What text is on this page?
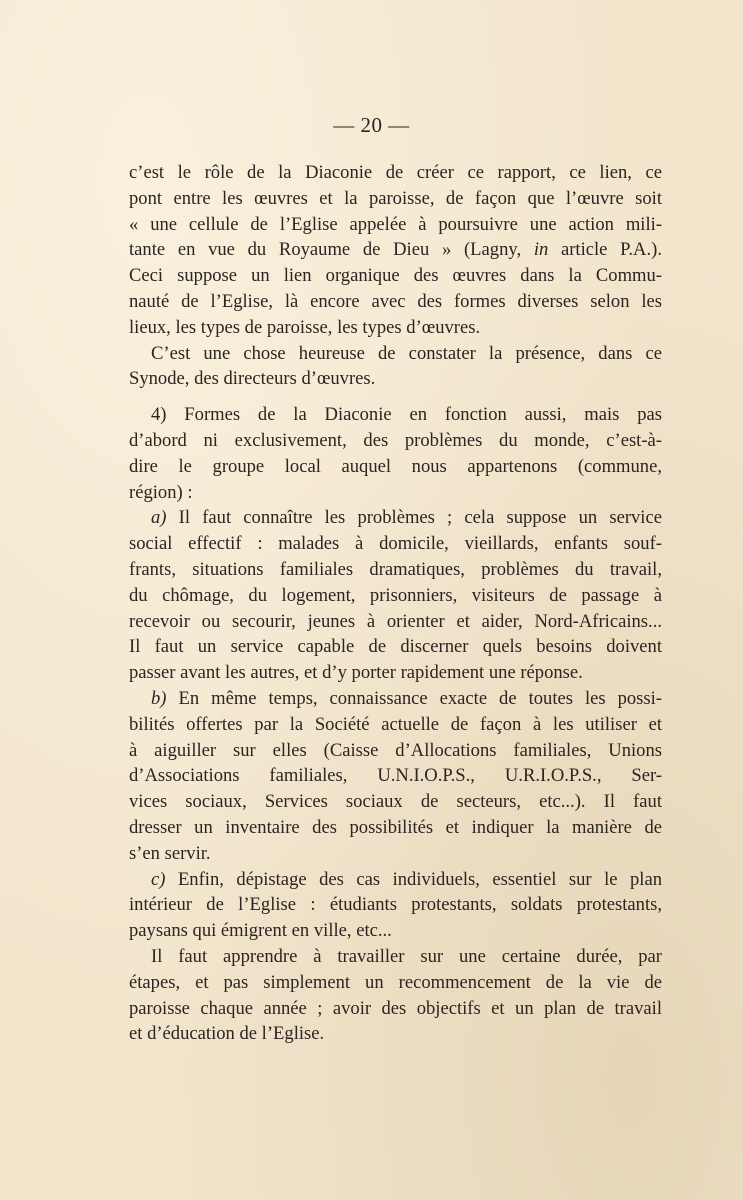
— 20 —
c’est le rôle de la Diaconie de créer ce rapport, ce lien, ce
pont entre les œuvres et la paroisse, de façon que l’œuvre soit
« une cellule de l’Eglise appelée à poursuivre une action mili-
tante en vue du Royaume de Dieu » (Lagny, in article P.A.).
Ceci suppose un lien organique des œuvres dans la Commu-
nauté de l’Eglise, là encore avec des formes diverses selon les
lieux, les types de paroisse, les types d’œuvres.
C’est une chose heureuse de constater la présence, dans ce
Synode, des directeurs d’œuvres.
4) Formes de la Diaconie en fonction aussi, mais pas
d’abord ni exclusivement, des problèmes du monde, c’est-à-
dire le groupe local auquel nous appartenons (commune,
région) :
a) Il faut connaître les problèmes ; cela suppose un service
social effectif : malades à domicile, vieillards, enfants souf-
frants, situations familiales dramatiques, problèmes du travail,
du chômage, du logement, prisonniers, visiteurs de passage à
recevoir ou secourir, jeunes à orienter et aider, Nord-Africains...
Il faut un service capable de discerner quels besoins doivent
passer avant les autres, et d’y porter rapidement une réponse.
b) En même temps, connaissance exacte de toutes les possi-
bilités offertes par la Société actuelle de façon à les utiliser et
à aiguiller sur elles (Caisse d’Allocations familiales, Unions
d’Associations familiales, U.N.I.O.P.S., U.R.I.O.P.S., Ser-
vices sociaux, Services sociaux de secteurs, etc...). Il faut
dresser un inventaire des possibilités et indiquer la manière de
s’en servir.
c) Enfin, dépistage des cas individuels, essentiel sur le plan
intérieur de l’Eglise : étudiants protestants, soldats protestants,
paysans qui émigrent en ville, etc...
Il faut apprendre à travailler sur une certaine durée, par
étapes, et pas simplement un recommencement de la vie de
paroisse chaque année ; avoir des objectifs et un plan de travail
et d’éducation de l’Eglise.
